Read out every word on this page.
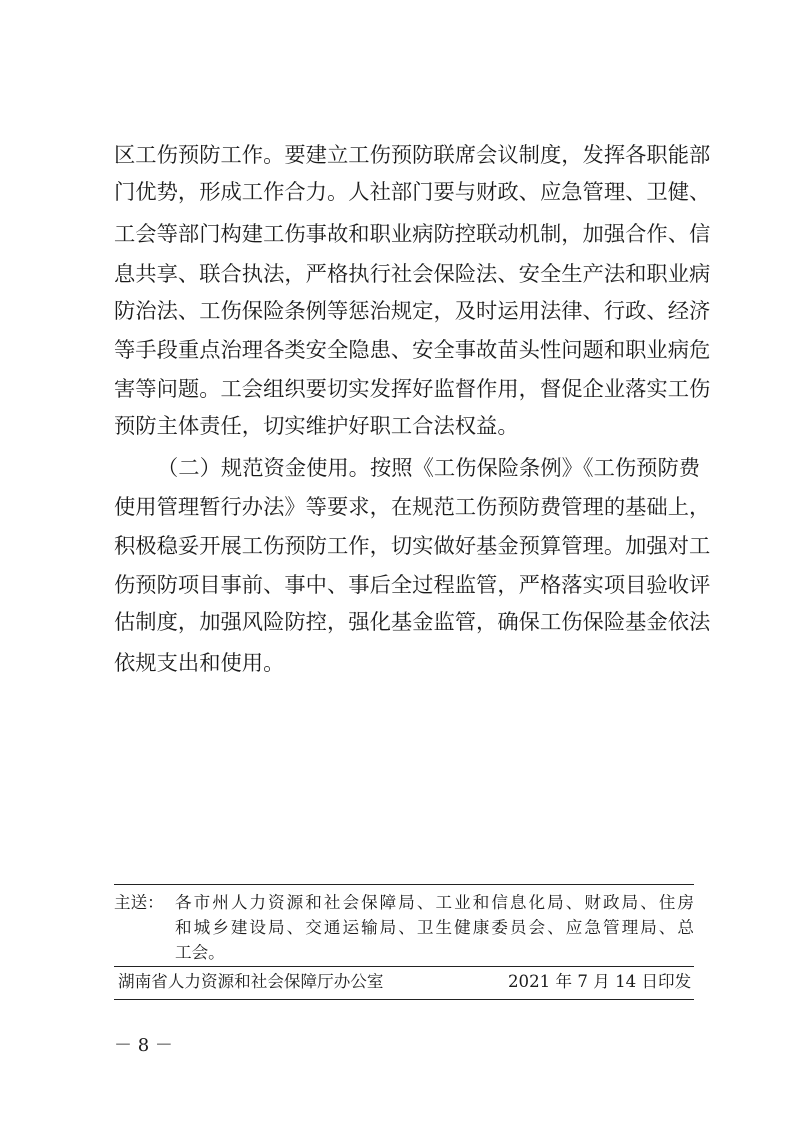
区工伤预防工作。要建立工伤预防联席会议制度，发挥各职能部
门优势，形成工作合力。人社部门要与财政、应急管理、卫健、
工会等部门构建工伤事故和职业病防控联动机制，加强合作、信
息共享、联合执法，严格执行社会保险法、安全生产法和职业病
防治法、工伤保险条例等惩治规定，及时运用法律、行政、经济
等手段重点治理各类安全隐患、安全事故苗头性问题和职业病危
害等问题。工会组织要切实发挥好监督作用，督促企业落实工伤
预防主体责任，切实维护好职工合法权益。
（二）规范资金使用。按照《工伤保险条例》《工伤预防费
使用管理暂行办法》等要求，在规范工伤预防费管理的基础上，
积极稳妥开展工伤预防工作，切实做好基金预算管理。加强对工
伤预防项目事前、事中、事后全过程监管，严格落实项目验收评
估制度，加强风险防控，强化基金监管，确保工伤保险基金依法
依规支出和使用。
主送： 各市州人力资源和社会保障局、工业和信息化局、财政局、住房
和城乡建设局、交通运输局、卫生健康委员会、应急管理局、总
工会。
湖南省人力资源和社会保障厅办公室	2021 年 7 月 14 日印发
－ 8 －
